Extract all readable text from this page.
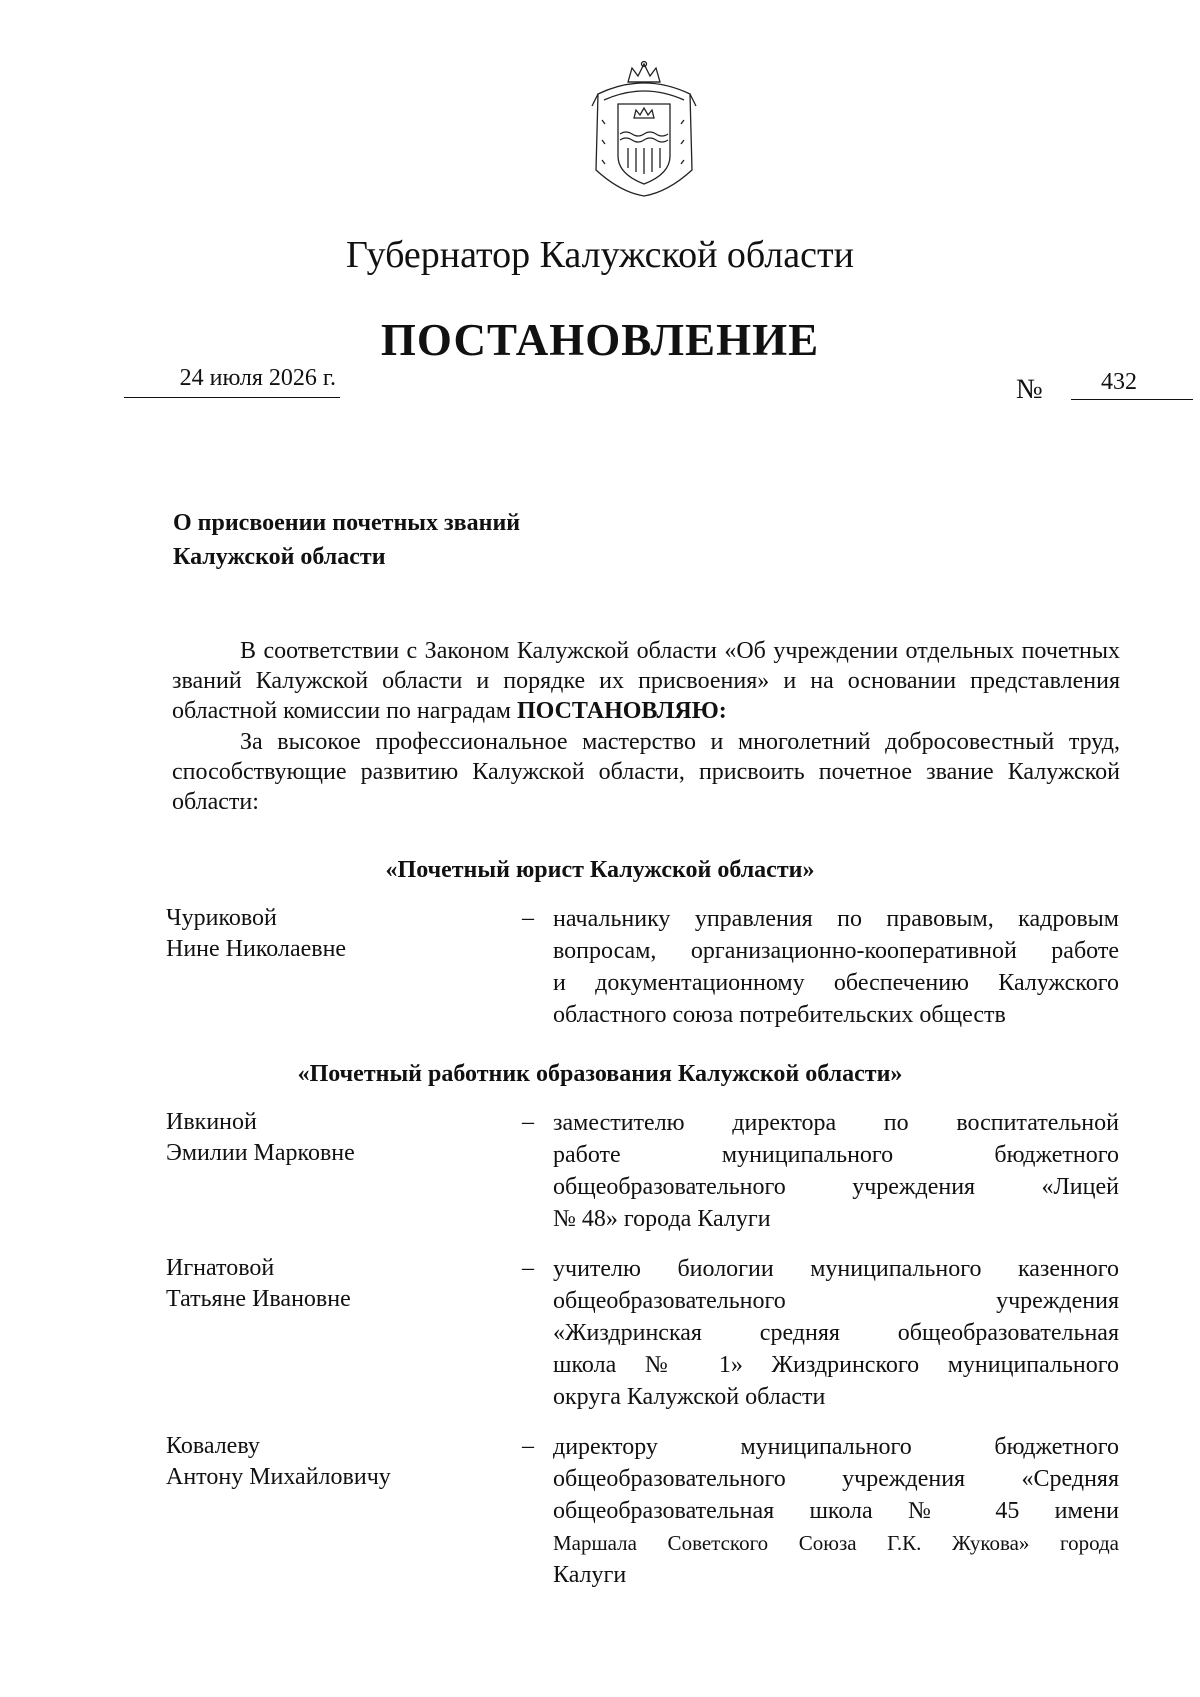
Губернатор Калужской области
ПОСТАНОВЛЕНИЕ
24 июля 2026 г.	№	432
О присвоении почетных званий
Калужской области
В соответствии с Законом Калужской области «Об учреждении отдельных почетных званий Калужской области и порядке их присвоения» и на основании представления областной комиссии по наградам ПОСТАНОВЛЯЮ:
За высокое профессиональное мастерство и многолетний добросовестный труд, способствующие развитию Калужской области, присвоить почетное звание Калужской области:
«Почетный юрист Калужской области»
Чуриковой
Нине Николаевне
– начальнику управления по правовым, кадровым
вопросам, организационно-кооперативной работе
и документационному обеспечению Калужского
областного союза потребительских обществ
«Почетный работник образования Калужской области»
Ивкиной
Эмилии Марковне
– заместителю директора по воспитательной
работе муниципального бюджетного
общеобразовательного учреждения «Лицей
№ 48» города Калуги
Игнатовой
Татьяне Ивановне
– учителю биологии муниципального казенного
общеобразовательного учреждения
«Жиздринская средняя общеобразовательная
школа № 1» Жиздринского муниципального
округа Калужской области
Ковалеву
Антону Михайловичу
– директору муниципального бюджетного
общеобразовательного учреждения «Средняя
общеобразовательная школа № 45 имени
Маршала Советского Союза Г.К. Жукова» города
Калуги
